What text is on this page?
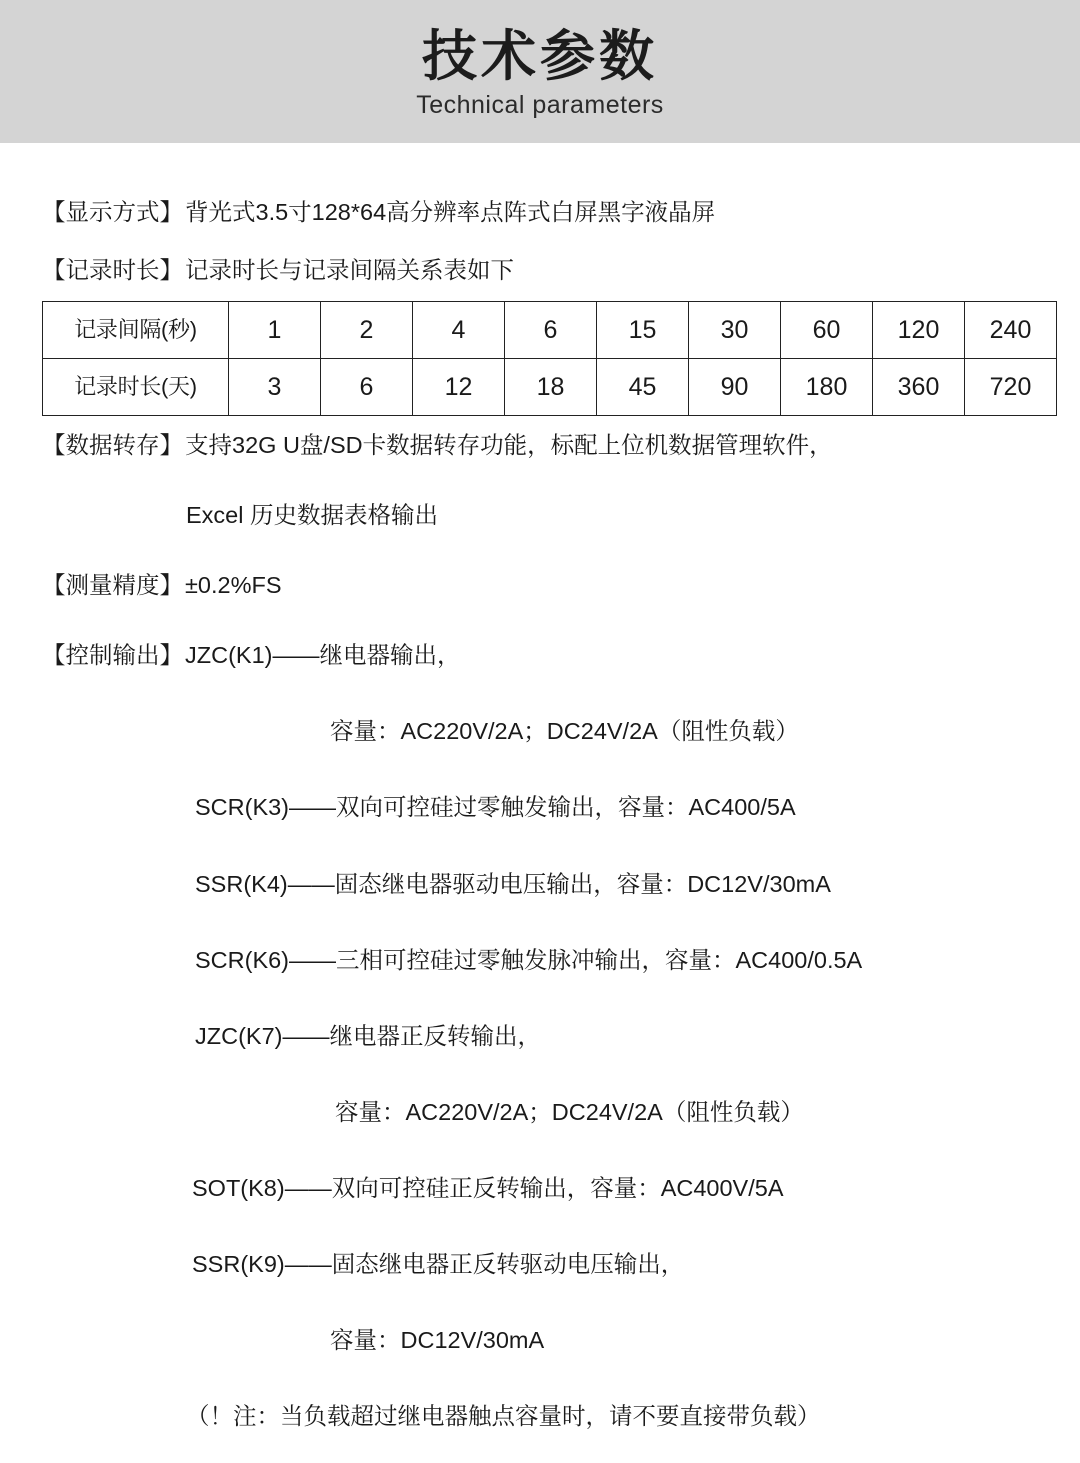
技术参数
Technical parameters
【显示方式】 背光式3.5寸128*64高分辨率点阵式白屏黑字液晶屏
【记录时长】 记录时长与记录间隔关系表如下
记录间隔(秒)	1	2	4	6	15	30	60	120	240
记录时长(天)	3	6	12	18	45	90	180	360	720
【数据转存】 支持32G U盘/SD卡数据转存功能，标配上位机数据管理软件，
Excel 历史数据表格输出
【测量精度】 ±0.2%FS
【控制输出】 JZC(K1)——继电器输出，
容量：AC220V/2A；DC24V/2A（阻性负载）
SCR(K3)——双向可控硅过零触发输出，容量：AC400/5A
SSR(K4)——固态继电器驱动电压输出，容量：DC12V/30mA
SCR(K6)——三相可控硅过零触发脉冲输出，容量：AC400/0.5A
JZC(K7)——继电器正反转输出，
容量：AC220V/2A；DC24V/2A（阻性负载）
SOT(K8)——双向可控硅正反转输出，容量：AC400V/5A
SSR(K9)——固态继电器正反转驱动电压输出，
容量：DC12V/30mA
（！注：当负载超过继电器触点容量时，请不要直接带负载）
